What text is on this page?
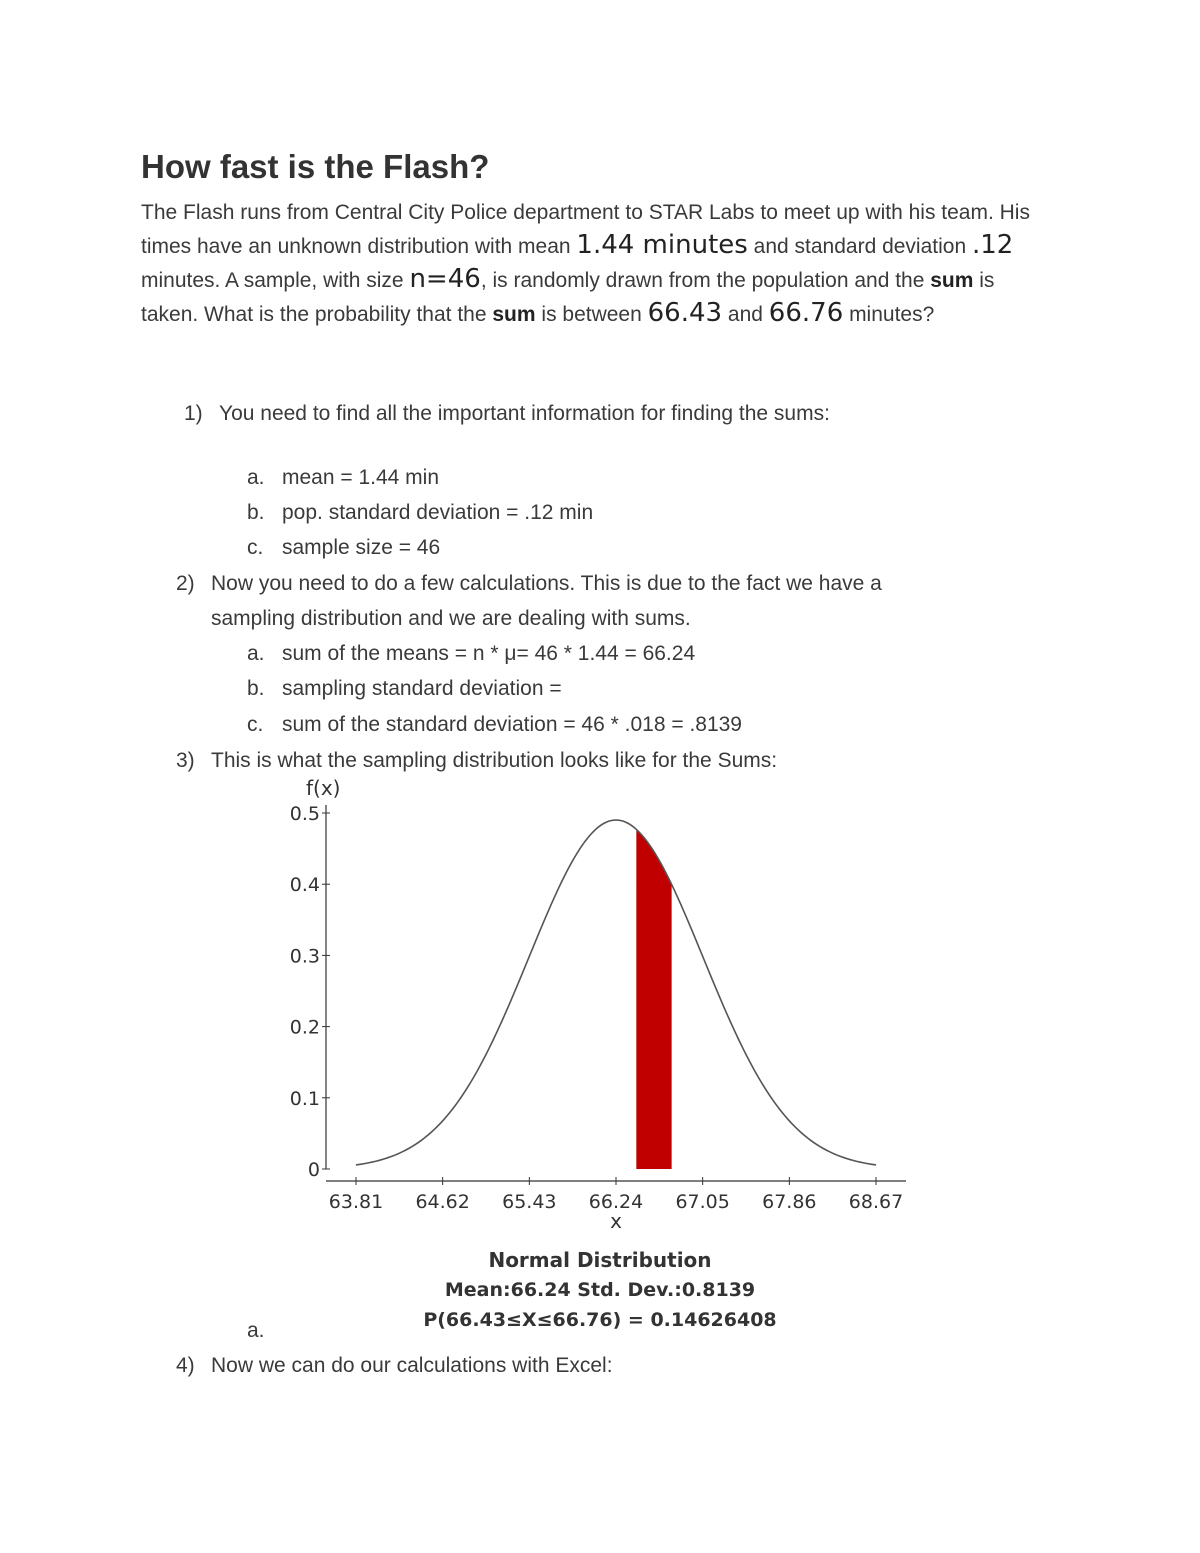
How fast is the Flash?

The Flash runs from Central City Police department to STAR Labs to meet up with his team. His times have an unknown distribution with mean 1.44 minutes and standard deviation .12 minutes. A sample, with size n=46, is randomly drawn from the population and the sum is taken. What is the probability that the sum is between 66.43 and 66.76 minutes?

1) You need to find all the important information for finding the sums:
a. mean = 1.44 min
b. pop. standard deviation = .12 min
c. sample size = 46
2) Now you need to do a few calculations. This is due to the fact we have a
sampling distribution and we are dealing with sums.
a. sum of the means = n * μ= 46 * 1.44 = 66.24
b. sampling standard deviation =
c. sum of the standard deviation = 46 * .018 = .8139
3) This is what the sampling distribution looks like for the Sums:
0
0.1
0.2
0.3
0.4
0.5
63.81 64.62 65.43 66.24 67.05 67.86 68.67
f(x)
x
Normal Distribution
Mean:66.24 Std. Dev.:0.8139
P(66.43≤X≤66.76) = 0.14626408
a.
4) Now we can do our calculations with Excel:
